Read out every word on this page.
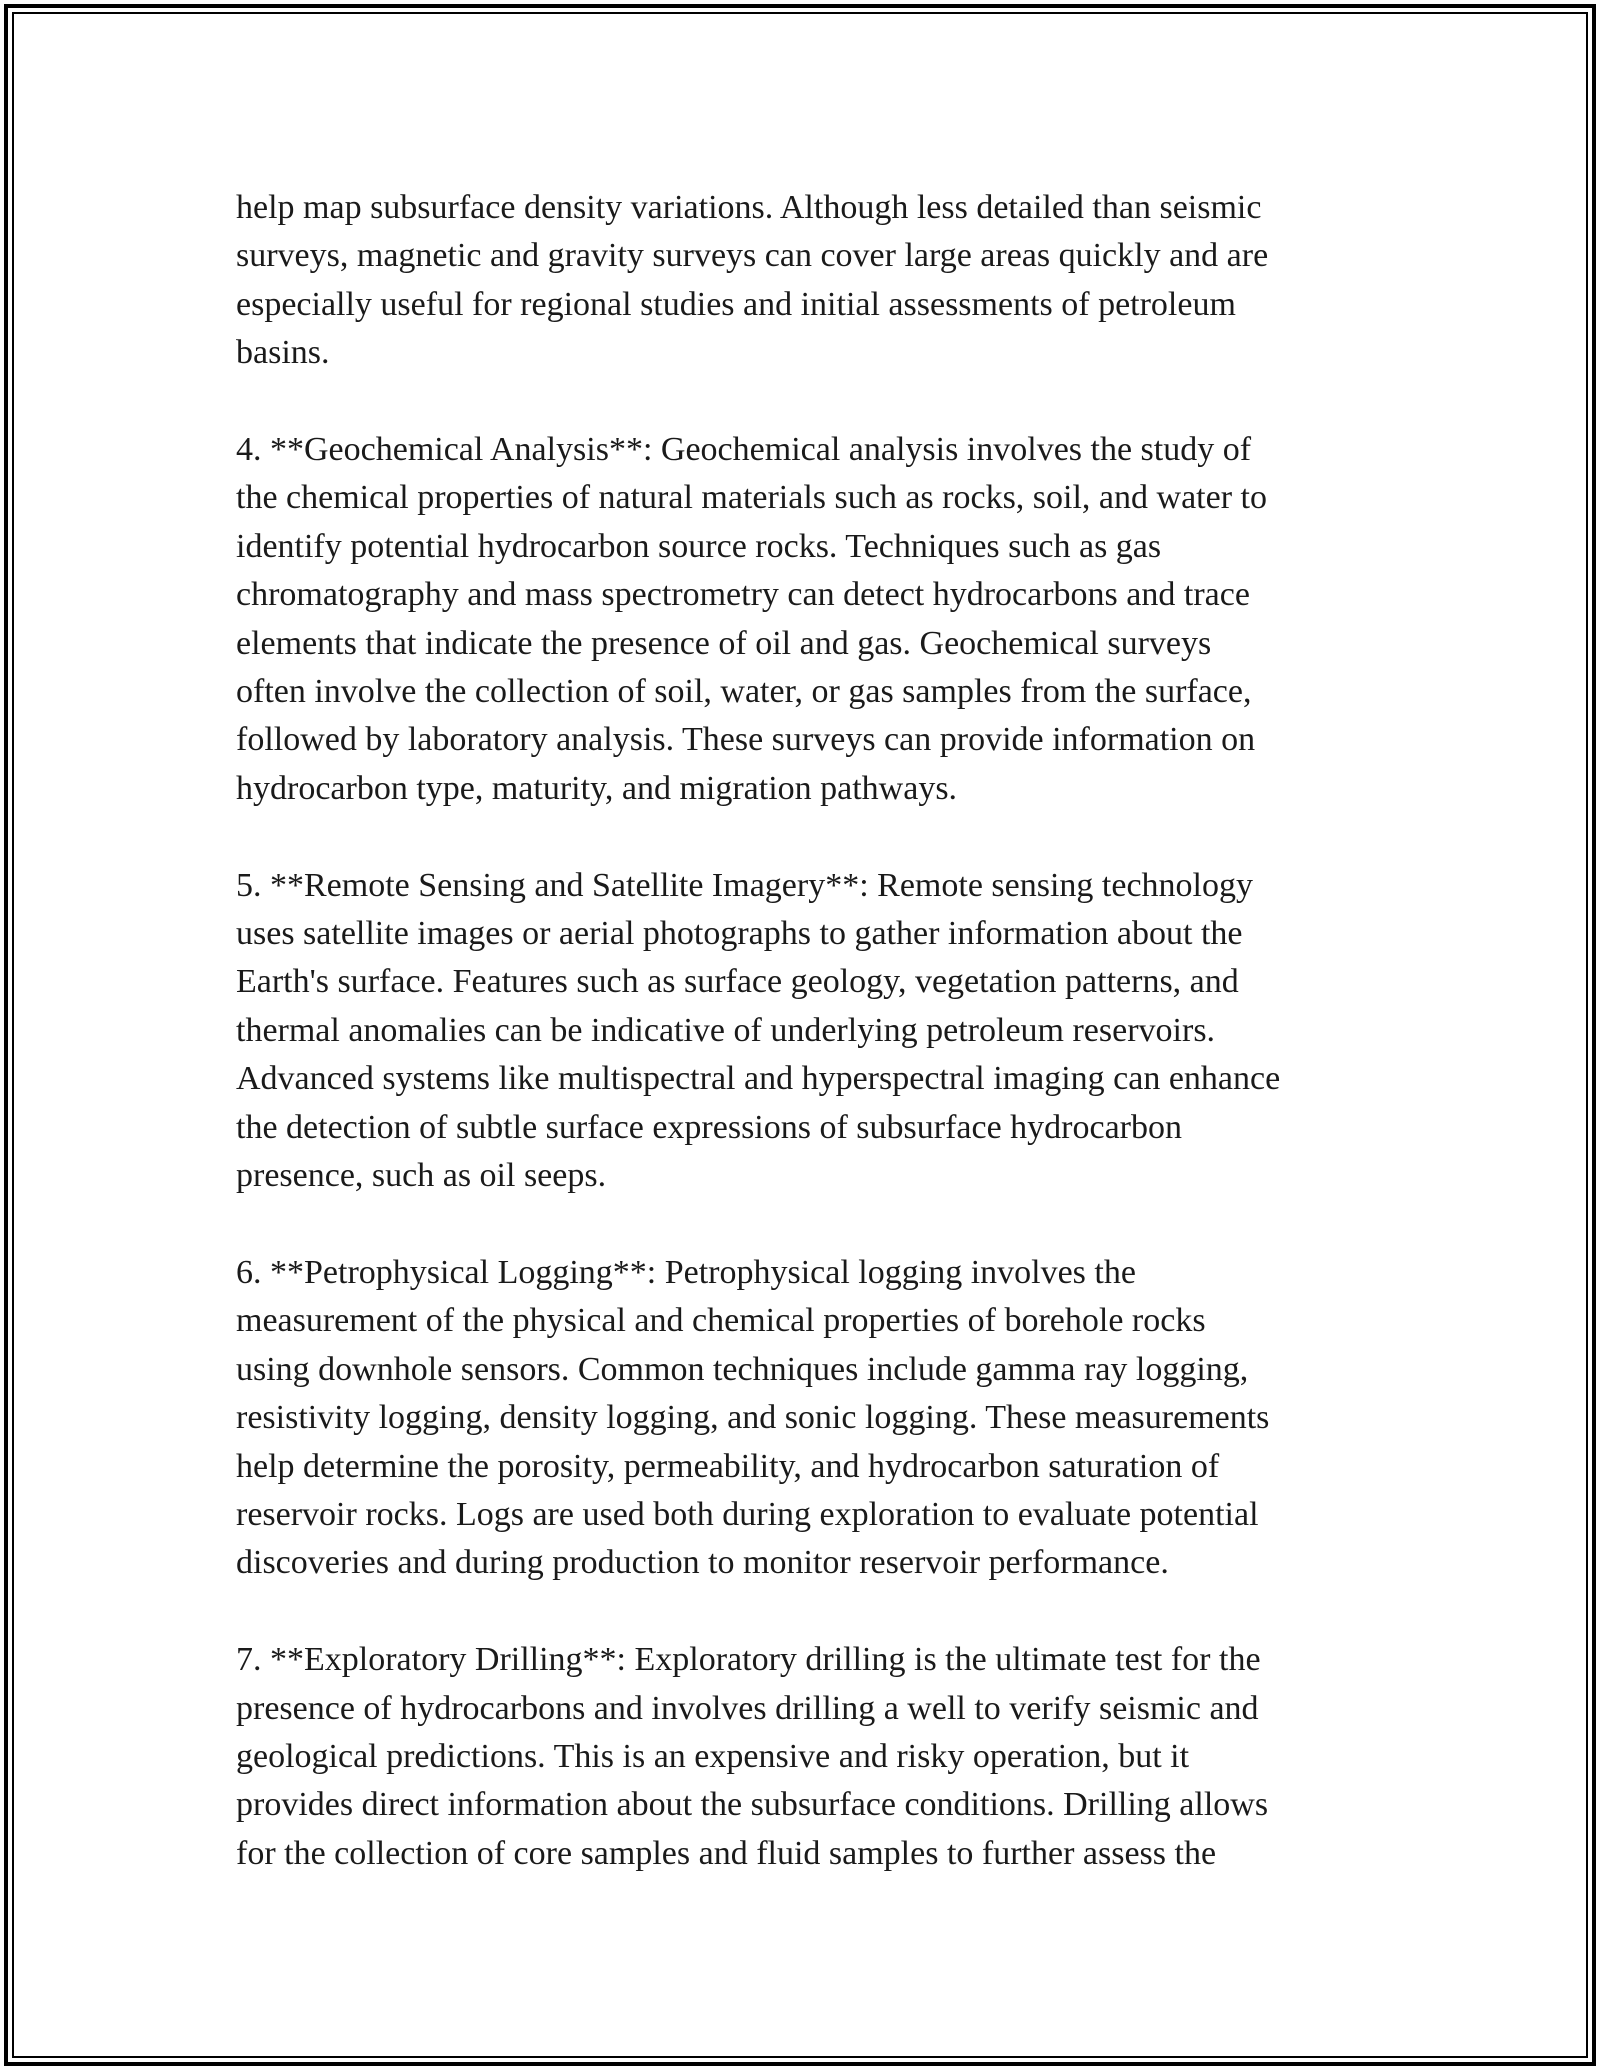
help map subsurface density variations. Although less detailed than seismic
surveys, magnetic and gravity surveys can cover large areas quickly and are
especially useful for regional studies and initial assessments of petroleum
basins.

4. **Geochemical Analysis**: Geochemical analysis involves the study of
the chemical properties of natural materials such as rocks, soil, and water to
identify potential hydrocarbon source rocks. Techniques such as gas
chromatography and mass spectrometry can detect hydrocarbons and trace
elements that indicate the presence of oil and gas. Geochemical surveys
often involve the collection of soil, water, or gas samples from the surface,
followed by laboratory analysis. These surveys can provide information on
hydrocarbon type, maturity, and migration pathways.

5. **Remote Sensing and Satellite Imagery**: Remote sensing technology
uses satellite images or aerial photographs to gather information about the
Earth's surface. Features such as surface geology, vegetation patterns, and
thermal anomalies can be indicative of underlying petroleum reservoirs.
Advanced systems like multispectral and hyperspectral imaging can enhance
the detection of subtle surface expressions of subsurface hydrocarbon
presence, such as oil seeps.

6. **Petrophysical Logging**: Petrophysical logging involves the
measurement of the physical and chemical properties of borehole rocks
using downhole sensors. Common techniques include gamma ray logging,
resistivity logging, density logging, and sonic logging. These measurements
help determine the porosity, permeability, and hydrocarbon saturation of
reservoir rocks. Logs are used both during exploration to evaluate potential
discoveries and during production to monitor reservoir performance.

7. **Exploratory Drilling**: Exploratory drilling is the ultimate test for the
presence of hydrocarbons and involves drilling a well to verify seismic and
geological predictions. This is an expensive and risky operation, but it
provides direct information about the subsurface conditions. Drilling allows
for the collection of core samples and fluid samples to further assess the
